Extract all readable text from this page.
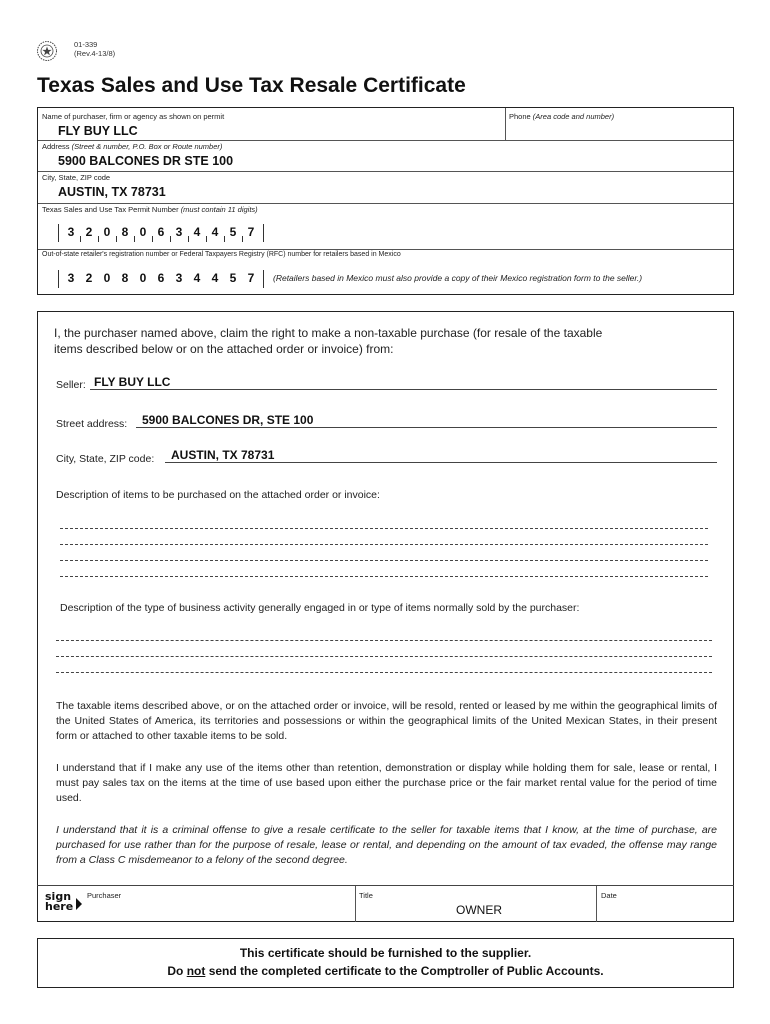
01-339
(Rev.4-13/8)
Texas Sales and Use Tax Resale Certificate
Name of purchaser, firm or agency as shown on permit
FLY BUY LLC
Phone (Area code and number)
Address (Street & number, P.O. Box or Route number)
5900 BALCONES DR STE 100
City, State, ZIP code
AUSTIN, TX 78731
Texas Sales and Use Tax Permit Number (must contain 11 digits)
3 2 0 8 0 6 3 4 4 5 7
Out-of-state retailer's registration number or Federal Taxpayers Registry (RFC) number for retailers based in Mexico
3 2 0 8 0 6 3 4 4 5 7	(Retailers based in Mexico must also provide a copy of their Mexico registration form to the seller.)
I, the purchaser named above, claim the right to make a non-taxable purchase (for resale of the taxable
items described below or on the attached order or invoice) from:
Seller: FLY BUY LLC
Street address: 5900 BALCONES DR, STE 100
City, State, ZIP code: AUSTIN, TX 78731
Description of items to be purchased on the attached order or invoice:
Description of the type of business activity generally engaged in or type of items normally sold by the purchaser:
The taxable items described above, or on the attached order or invoice, will be resold, rented or leased by me within the geographical limits of the United States of America, its territories and possessions or within the geographical limits of the United Mexican States, in their present form or attached to other taxable items to be sold.
I understand that if I make any use of the items other than retention, demonstration or display while holding them for sale, lease or rental, I must pay sales tax on the items at the time of use based upon either the purchase price or the fair market rental value for the period of time used.
I understand that it is a criminal offense to give a resale certificate to the seller for taxable items that I know, at the time of purchase, are purchased for use rather than for the purpose of resale, lease or rental, and depending on the amount of tax evaded, the offense may range from a Class C misdemeanor to a felony of the second degree.
sign
here
Purchaser	Title
OWNER
Date
This certificate should be furnished to the supplier.
Do not send the completed certificate to the Comptroller of Public Accounts.
